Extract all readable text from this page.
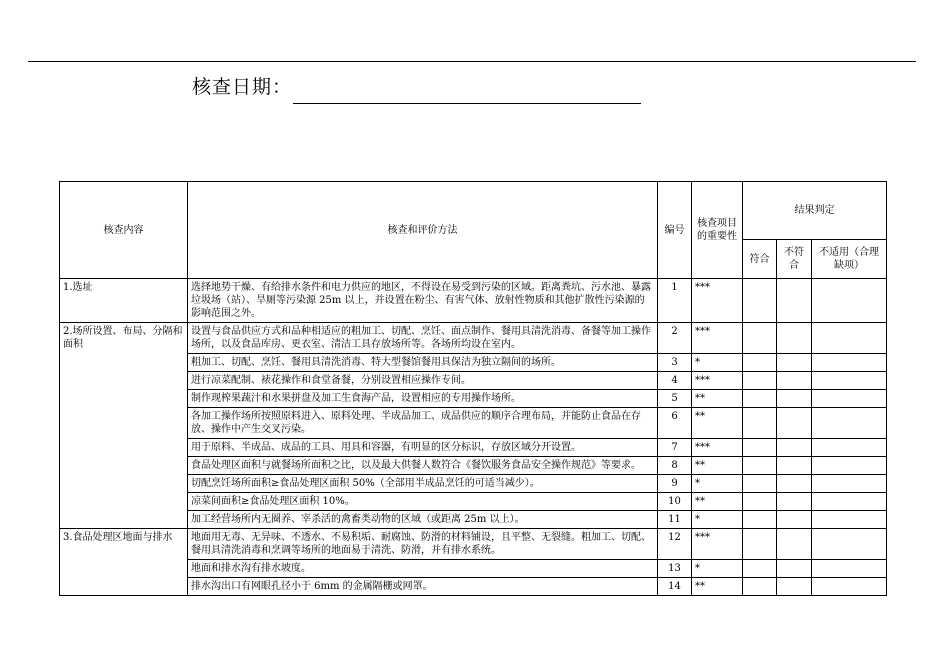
核查日期：
核查内容	核查和评价方法	编号	核查项目的重要性	结果判定		
				符合	不符合	不适用（合理缺项）
1.选址	选择地势干燥、有给排水条件和电力供应的地区，不得设在易受到污染的区域。距离粪坑、污水池、暴露垃圾场（站）、旱厕等污染源 25m 以上，并设置在粉尘、有害气体、放射性物质和其他扩散性污染源的影响范围之外。	1	***			
2.场所设置、布局、分隔和面积	设置与食品供应方式和品种相适应的粗加工、切配、烹饪、面点制作、餐用具清洗消毒、备餐等加工操作场所，以及食品库房、更衣室、清洁工具存放场所等。各场所均设在室内。	2	***			
	粗加工、切配、烹饪、餐用具清洗消毒、特大型餐馆餐用具保洁为独立隔间的场所。	3	*			
	进行凉菜配制、裱花操作和食堂备餐，分别设置相应操作专间。	4	***			
	制作现榨果蔬汁和水果拼盘及加工生食海产品，设置相应的专用操作场所。	5	**			
	各加工操作场所按照原料进入、原料处理、半成品加工、成品供应的顺序合理布局，并能防止食品在存放、操作中产生交叉污染。	6	**			
	用于原料、半成品、成品的工具、用具和容器，有明显的区分标识，存放区域分开设置。	7	***			
	食品处理区面积与就餐场所面积之比，以及最大供餐人数符合《餐饮服务食品安全操作规范》等要求。	8	**			
	切配烹饪场所面积≥食品处理区面积 50%（全部用半成品烹饪的可适当减少）。	9	*			
	凉菜间面积≥食品处理区面积 10%。	10	**			
	加工经营场所内无圈养、宰杀活的禽畜类动物的区域（或距离 25m 以上）。	11	*			
3.食品处理区地面与排水	地面用无毒、无异味、不透水、不易积垢、耐腐蚀、防滑的材料铺设，且平整、无裂缝。粗加工、切配、餐用具清洗消毒和烹调等场所的地面易于清洗、防滑，并有排水系统。	12	***			
	地面和排水沟有排水坡度。	13	*			
	排水沟出口有网眼孔径小于 6mm 的金属隔栅或网罩。	14	**			
